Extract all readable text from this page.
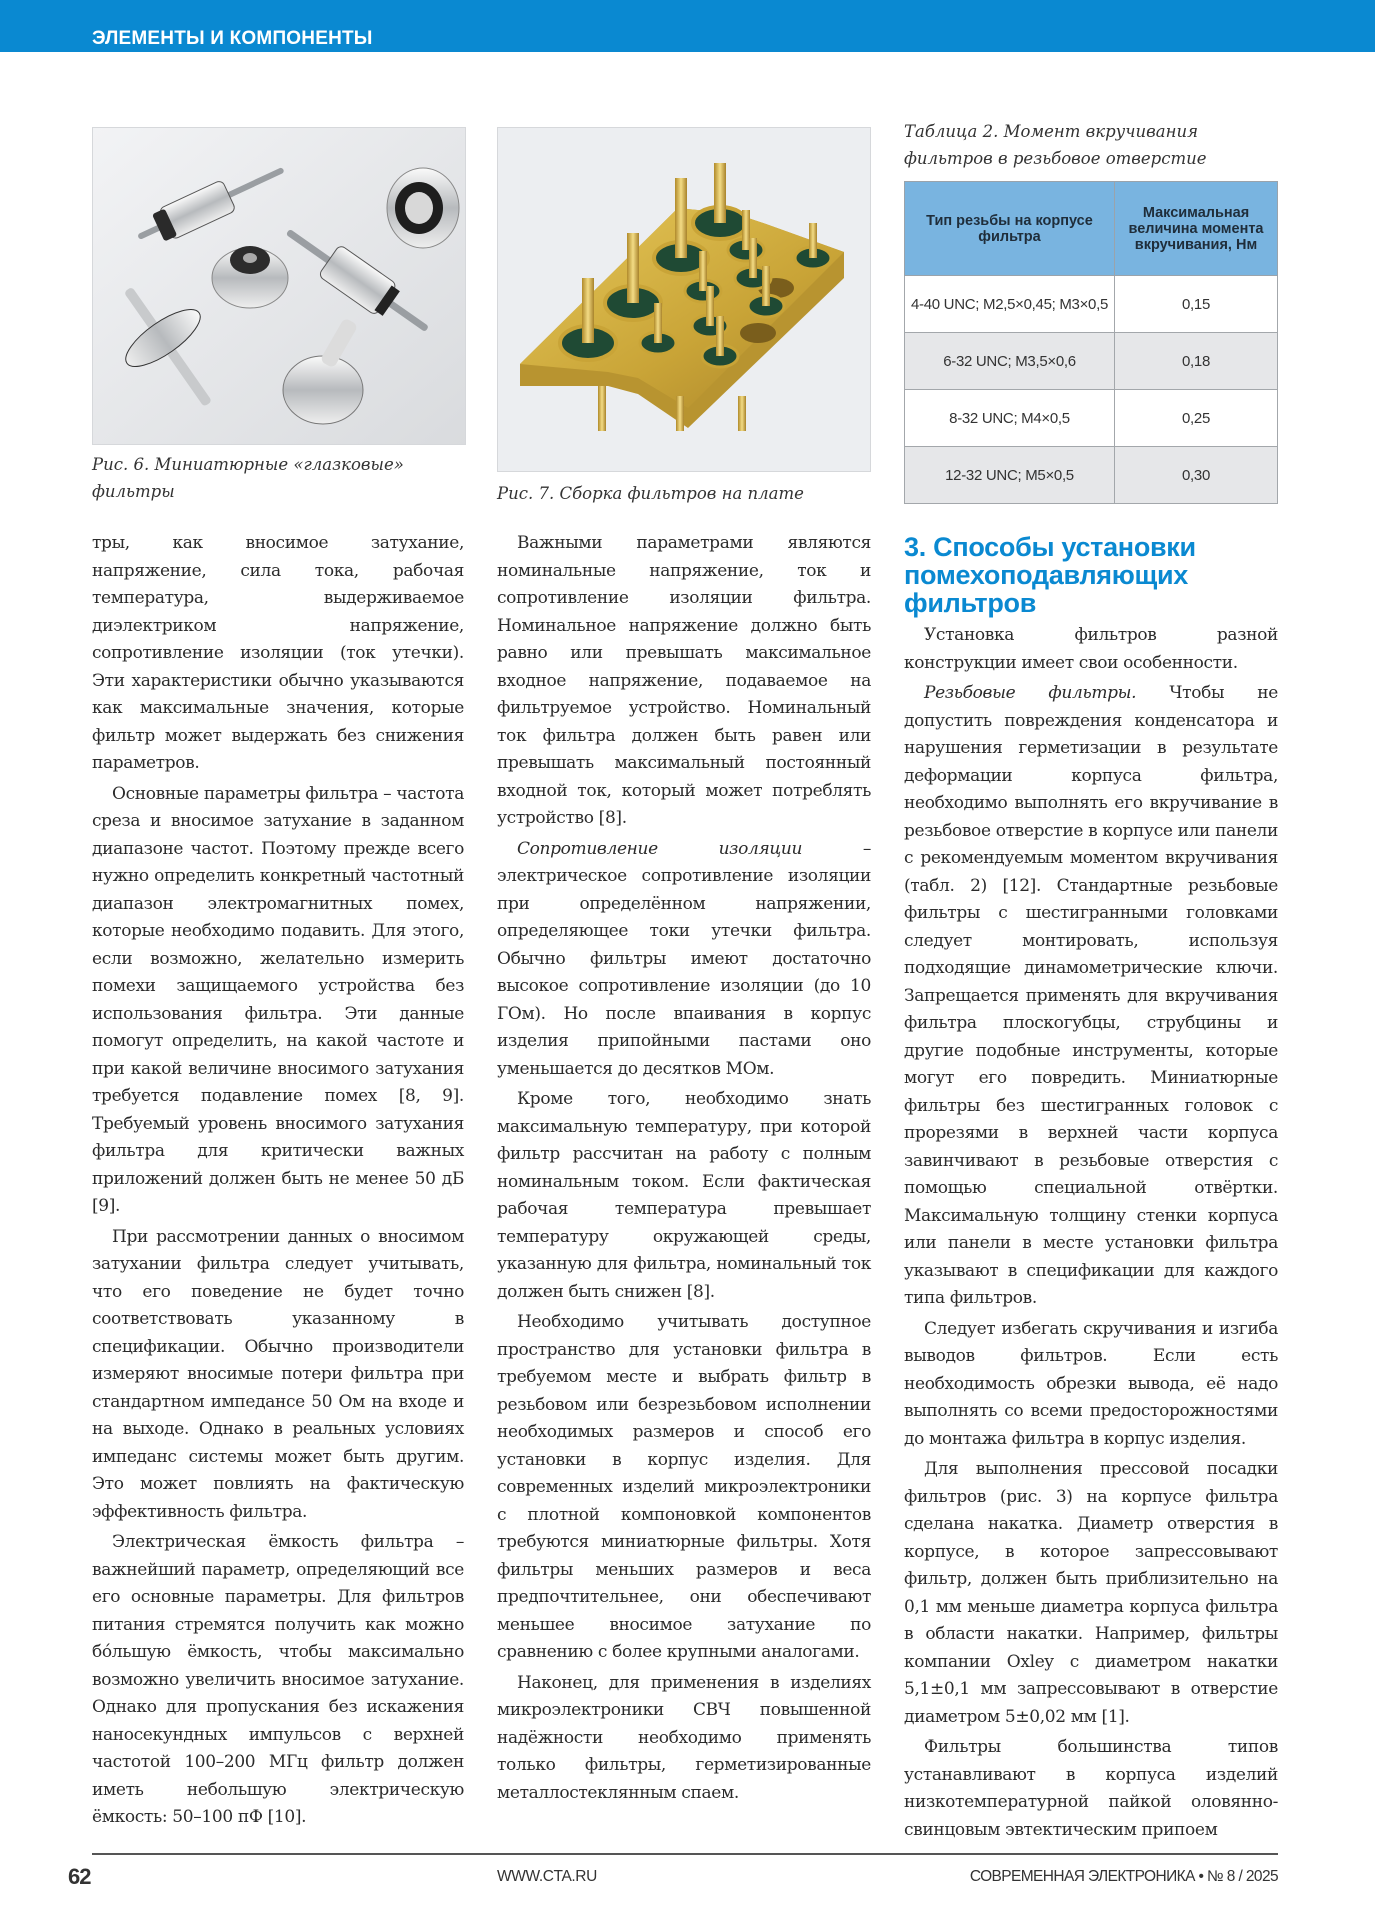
ЭЛЕМЕНТЫ И КОМПОНЕНТЫ
Рис. 6. Миниатюрные «глазковые» фильтры	Рис. 7. Сборка фильтров на плате
Таблица 2. Момент вкручивания фильтров в резьбовое отверстие
Тип резьбы на корпусе фильтра	Максимальная величина момента вкручивания, Нм
4-40 UNC; M2,5×0,45; M3×0,5	0,15
6-32 UNC; M3,5×0,6	0,18
8-32 UNC; M4×0,5	0,25
12-32 UNC; M5×0,5	0,30

тры, как вносимое затухание, напряжение, сила тока, рабочая температура, выдерживаемое диэлектриком напряжение, сопротивление изоляции (ток утечки). Эти характеристики обычно указываются как максимальные значения, которые фильтр может выдержать без снижения параметров.

Основные параметры фильтра – частота среза и вносимое затухание в заданном диапазоне частот. Поэтому прежде всего нужно определить конкретный частотный диапазон электромагнитных помех, которые необходимо подавить. Для этого, если возможно, желательно измерить помехи защищаемого устройства без использования фильтра. Эти данные помогут определить, на какой частоте и при какой величине вносимого затухания требуется подавление помех [8, 9]. Требуемый уровень вносимого затухания фильтра для критически важных приложений должен быть не менее 50 дБ [9].

При рассмотрении данных о вносимом затухании фильтра следует учитывать, что его поведение не будет точно соответствовать указанному в спецификации. Обычно производители измеряют вносимые потери фильтра при стандартном импедансе 50 Ом на входе и на выходе. Однако в реальных условиях импеданс системы может быть другим. Это может повлиять на фактическую эффективность фильтра.

Электрическая ёмкость фильтра – важнейший параметр, определяющий все его основные параметры. Для фильтров питания стремятся получить как можно бо́льшую ёмкость, чтобы максимально возможно увеличить вносимое затухание. Однако для пропускания без искажения наносекундных импульсов с верхней частотой 100–200 МГц фильтр должен иметь небольшую электрическую ёмкость: 50–100 пФ [10].

Важными параметрами являются номинальные напряжение, ток и сопротивление изоляции фильтра. Номинальное напряжение должно быть равно или превышать максимальное входное напряжение, подаваемое на фильтруемое устройство. Номинальный ток фильтра должен быть равен или превышать максимальный постоянный входной ток, который может потреблять устройство [8].

Сопротивление изоляции – электрическое сопротивление изоляции при определённом напряжении, определяющее токи утечки фильтра. Обычно фильтры имеют достаточно высокое сопротивление изоляции (до 10 ГОм). Но после впаивания в корпус изделия припойными пастами оно уменьшается до десятков МОм.

Кроме того, необходимо знать максимальную температуру, при которой фильтр рассчитан на работу с полным номинальным током. Если фактическая рабочая температура превышает температуру окружающей среды, указанную для фильтра, номинальный ток должен быть снижен [8].

Необходимо учитывать доступное пространство для установки фильтра в требуемом месте и выбрать фильтр в резьбовом или безрезьбовом исполнении необходимых размеров и способ его установки в корпус изделия. Для современных изделий микроэлектроники с плотной компоновкой компонентов требуются миниатюрные фильтры. Хотя фильтры меньших размеров и веса предпочтительнее, они обеспечивают меньшее вносимое затухание по сравнению с более крупными аналогами.

Наконец, для применения в изделиях микроэлектроники СВЧ повышенной надёжности необходимо применять только фильтры, герметизированные металлостеклянным спаем.

3. Способы установки помехоподавляющих фильтров

Установка фильтров разной конструкции имеет свои особенности.

Резьбовые фильтры. Чтобы не допустить повреждения конденсатора и нарушения герметизации в результате деформации корпуса фильтра, необходимо выполнять его вкручивание в резьбовое отверстие в корпусе или панели с рекомендуемым моментом вкручивания (табл. 2) [12]. Стандартные резьбовые фильтры с шестигранными головками следует монтировать, используя подходящие динамометрические ключи. Запрещается применять для вкручивания фильтра плоскогубцы, струбцины и другие подобные инструменты, которые могут его повредить. Миниатюрные фильтры без шестигранных головок с прорезями в верхней части корпуса завинчивают в резьбовые отверстия с помощью специальной отвёртки. Максимальную толщину стенки корпуса или панели в месте установки фильтра указывают в спецификации для каждого типа фильтров.

Следует избегать скручивания и изгиба выводов фильтров. Если есть необходимость обрезки вывода, её надо выполнять со всеми предосторожностями до монтажа фильтра в корпус изделия.

Для выполнения прессовой посадки фильтров (рис. 3) на корпусе фильтра сделана накатка. Диаметр отверстия в корпусе, в которое запрессовывают фильтр, должен быть приблизительно на 0,1 мм меньше диаметра корпуса фильтра в области накатки. Например, фильтры компании Oxley с диаметром накатки 5,1±0,1 мм запрессовывают в отверстие диаметром 5±0,02 мм [1].

Фильтры большинства типов устанавливают в корпуса изделий низкотемпературной пайкой оловянно-свинцовым эвтектическим припоем

62	WWW.CTA.RU	СОВРЕМЕННАЯ ЭЛЕКТРОНИКА • № 8 / 2025
